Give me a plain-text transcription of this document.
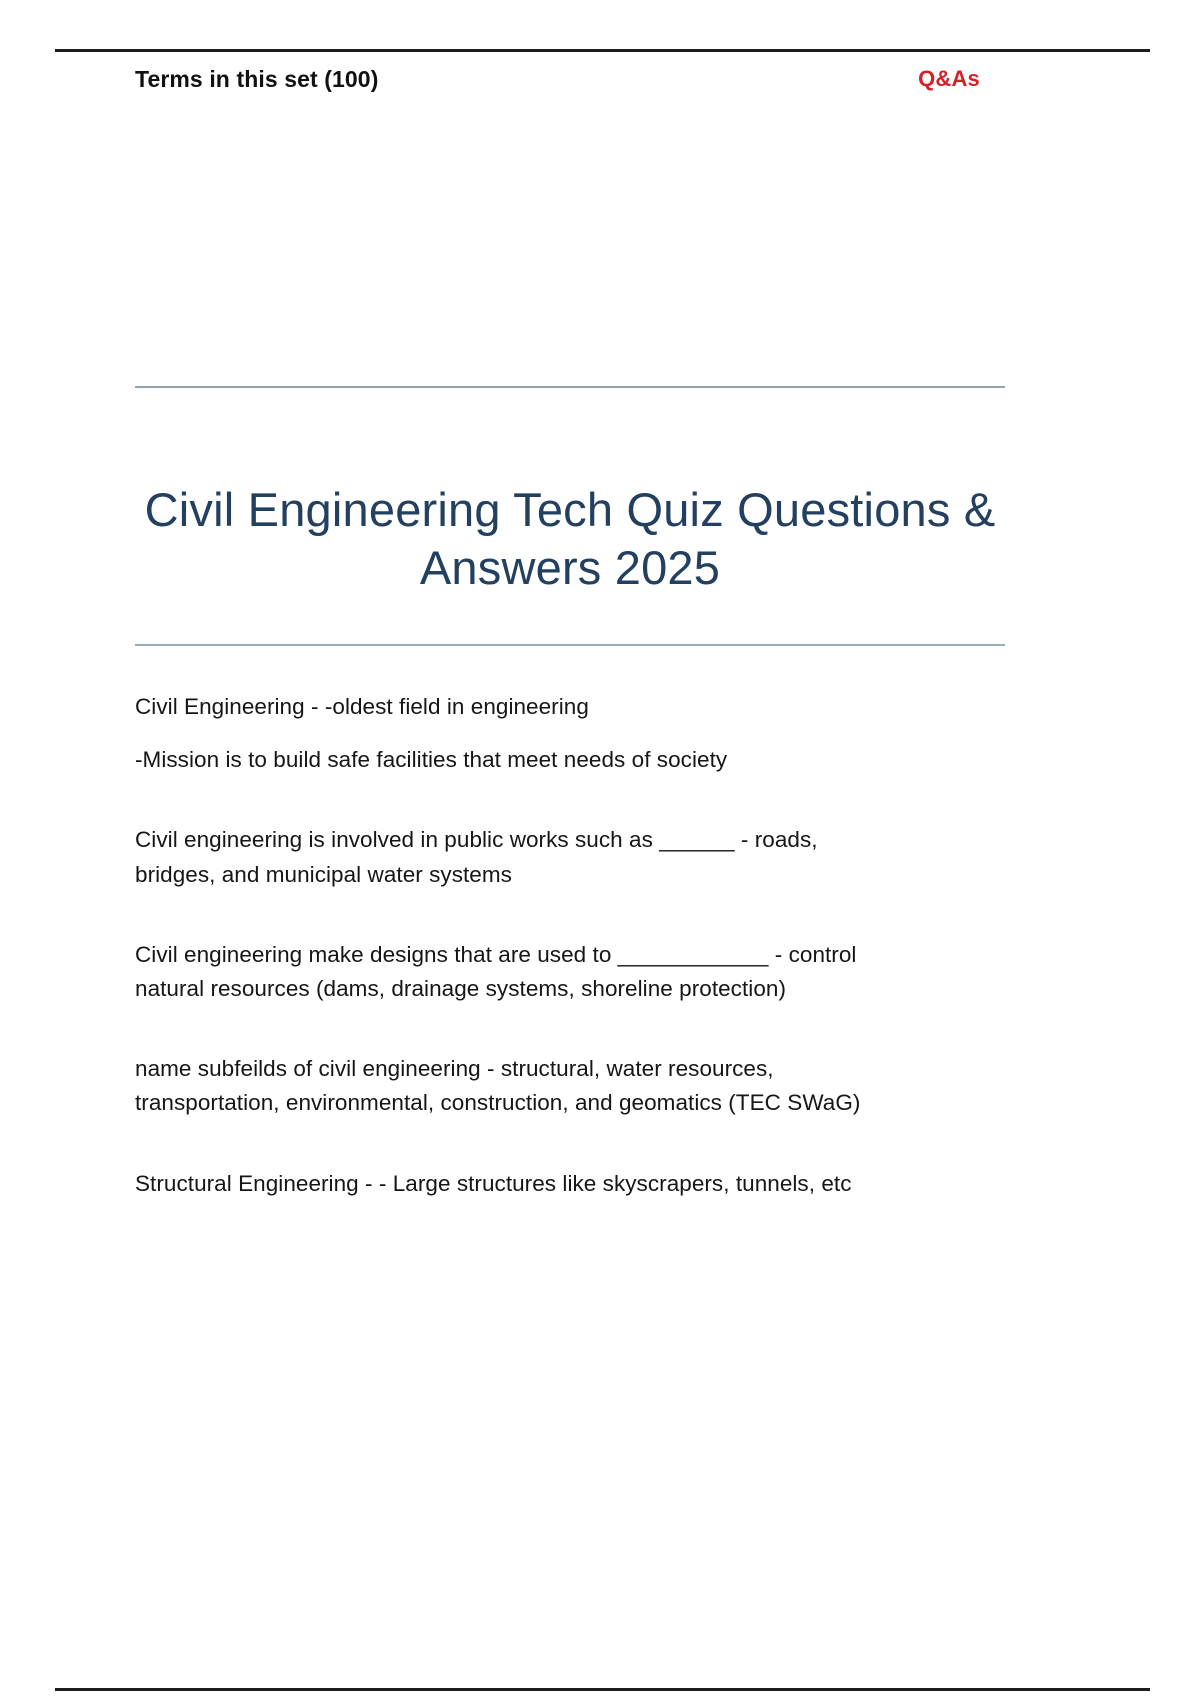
Terms in this set (100)	Q&As
Civil Engineering Tech Quiz Questions & Answers 2025
Civil Engineering - -oldest field in engineering
-Mission is to build safe facilities that meet needs of society
Civil engineering is involved in public works such as ______ - roads,
bridges, and municipal water systems
Civil engineering make designs that are used to ____________ - control
natural resources (dams, drainage systems, shoreline protection)
name subfeilds of civil engineering - structural, water resources,
transportation, environmental, construction, and geomatics (TEC SWaG)
Structural Engineering - - Large structures like skyscrapers, tunnels, etc
